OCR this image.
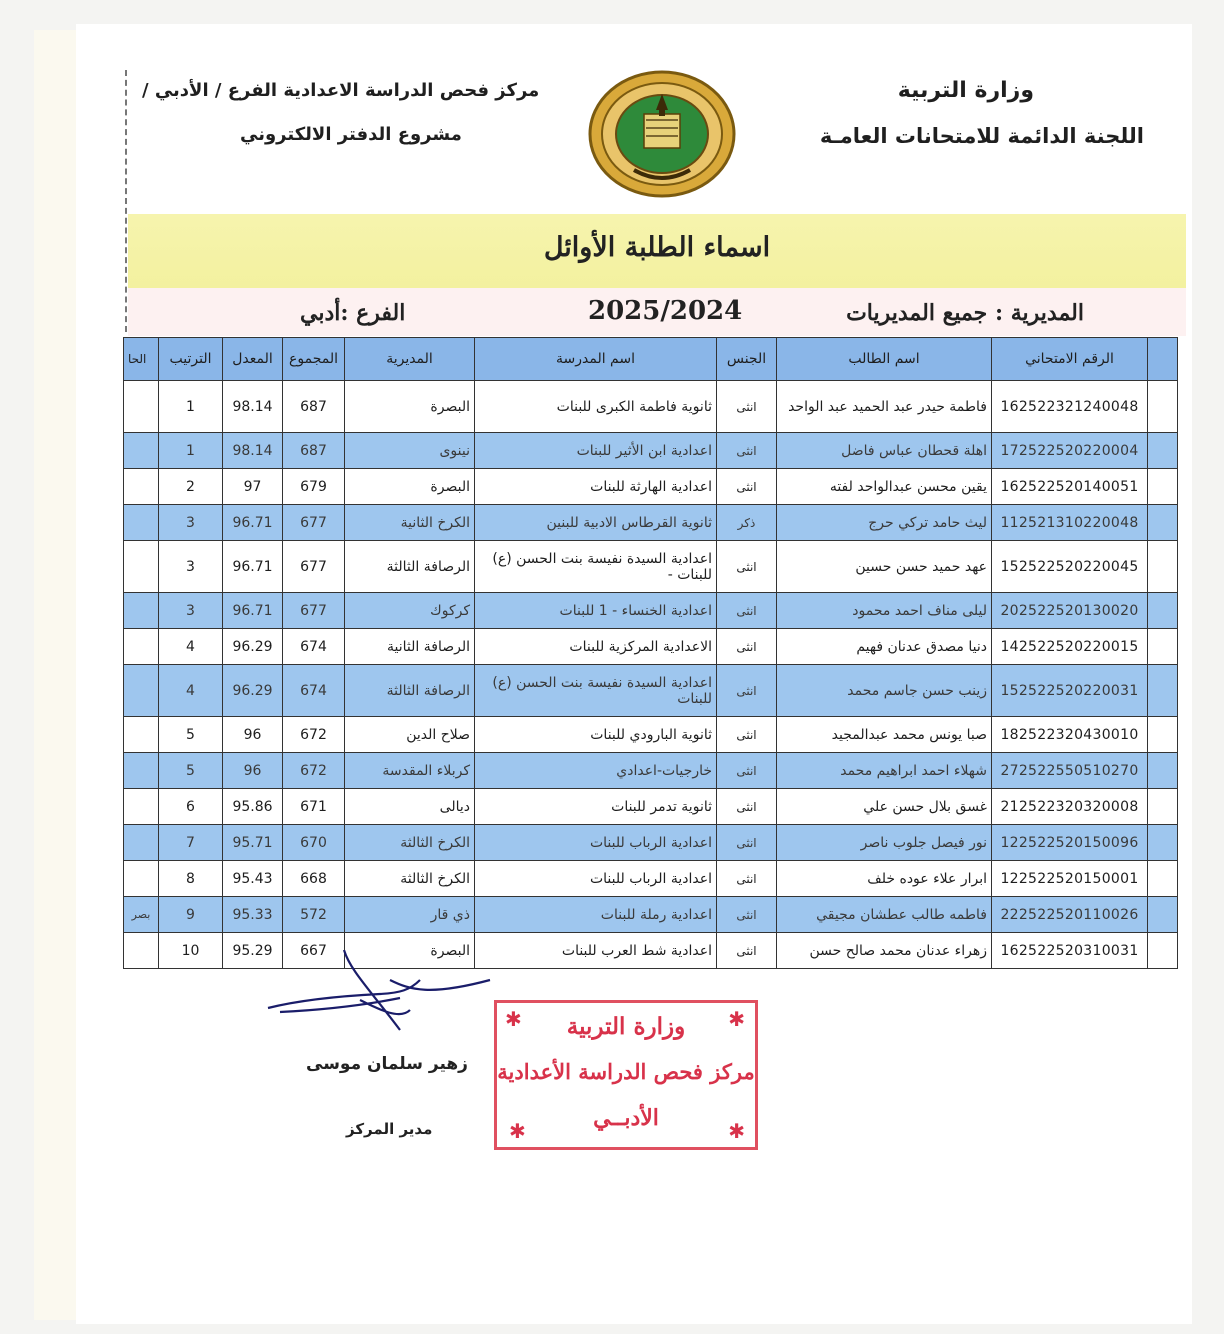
وزارة التربية
اللجنة الدائمة للامتحانات العامـة
مركز فحص الدراسة الاعدادية الفرع / الأدبي /
مشروع الدفتر الالكتروني
اسماء الطلبة الأوائل
المديرية : جميع المديريات
2025/2024
الفرع :أدبي
	الرقم الامتحاني	اسم الطالب	الجنس	اسم المدرسة	المديرية	المجموع	المعدل	الترتيب	الحا
	162522321240048	فاطمة حيدر عبد الحميد عبد الواحد	انثى	ثانوية فاطمة الكبرى للبنات	البصرة	687	98.14	1	
	172522520220004	اهلة قحطان عباس فاضل	انثى	اعدادية ابن الأثير للبنات	نينوى	687	98.14	1	
	162522520140051	يقين محسن عبدالواحد لفته	انثى	اعدادية الهارثة للبنات	البصرة	679	97	2	
	112521310220048	ليث حامد تركي حرج	ذكر	ثانوية القرطاس الادبية للبنين	الكرخ الثانية	677	96.71	3	
	152522520220045	عهد حميد حسن حسين	انثى	اعدادية السيدة نفيسة بنت الحسن (ع) للبنات -	الرصافة الثالثة	677	96.71	3	
	202522520130020	ليلى مناف احمد محمود	انثى	اعدادية الخنساء - 1 للبنات	كركوك	677	96.71	3	
	142522520220015	دنيا مصدق عدنان فهيم	انثى	الاعدادية المركزية للبنات	الرصافة الثانية	674	96.29	4	
	152522520220031	زينب حسن جاسم محمد	انثى	اعدادية السيدة نفيسة بنت الحسن (ع) للبنات	الرصافة الثالثة	674	96.29	4	
	182522320430010	صبا يونس محمد عبدالمجيد	انثى	ثانوية البارودي للبنات	صلاح الدين	672	96	5	
	272522550510270	شهلاء احمد ابراهيم محمد	انثى	خارجيات-اعدادي	كربلاء المقدسة	672	96	5	
	212522320320008	غسق بلال حسن علي	انثى	ثانوية تدمر للبنات	ديالى	671	95.86	6	
	122522520150096	نور فيصل جلوب ناصر	انثى	اعدادية الرباب للبنات	الكرخ الثالثة	670	95.71	7	
	122522520150001	ابرار علاء عوده خلف	انثى	اعدادية الرباب للبنات	الكرخ الثالثة	668	95.43	8	
	222522520110026	فاطمه طالب عطشان مجيقي	انثى	اعدادية رملة للبنات	ذي قار	572	95.33	9	بصر
	162522520310031	زهراء عدنان محمد صالح حسن	انثى	اعدادية شط العرب للبنات	البصرة	667	95.29	10	
زهير سلمان موسى
مدير المركز
✱	✱
✱	✱
وزارة التربية
مركز فحص الدراسة الأعدادية
الأدبــي
